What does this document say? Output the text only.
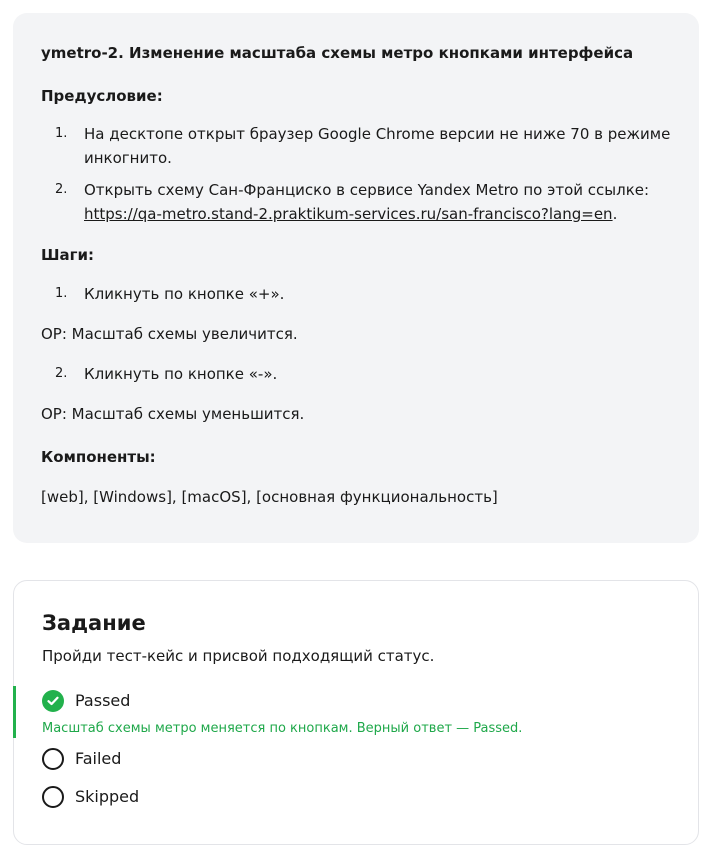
ymetro-2. Изменение масштаба схемы метро кнопками интерфейса

Предусловие:

1. На десктопе открыт браузер Google Chrome версии не ниже 70 в режиме инкогнито.
2. Открыть схему Сан-Франциско в сервисе Yandex Metro по этой ссылке:
https://qa-metro.stand-2.praktikum-services.ru/san-francisco?lang=en.

Шаги:

1. Кликнуть по кнопке «+».
ОР: Масштаб схемы увеличится.
2. Кликнуть по кнопке «-».
ОР: Масштаб схемы уменьшится.

Компоненты:

[web], [Windows], [macOS], [основная функциональность]

Задание

Пройди тест-кейс и присвой подходящий статус.

Passed
Масштаб схемы метро меняется по кнопкам. Верный ответ — Passed.
Failed
Skipped
